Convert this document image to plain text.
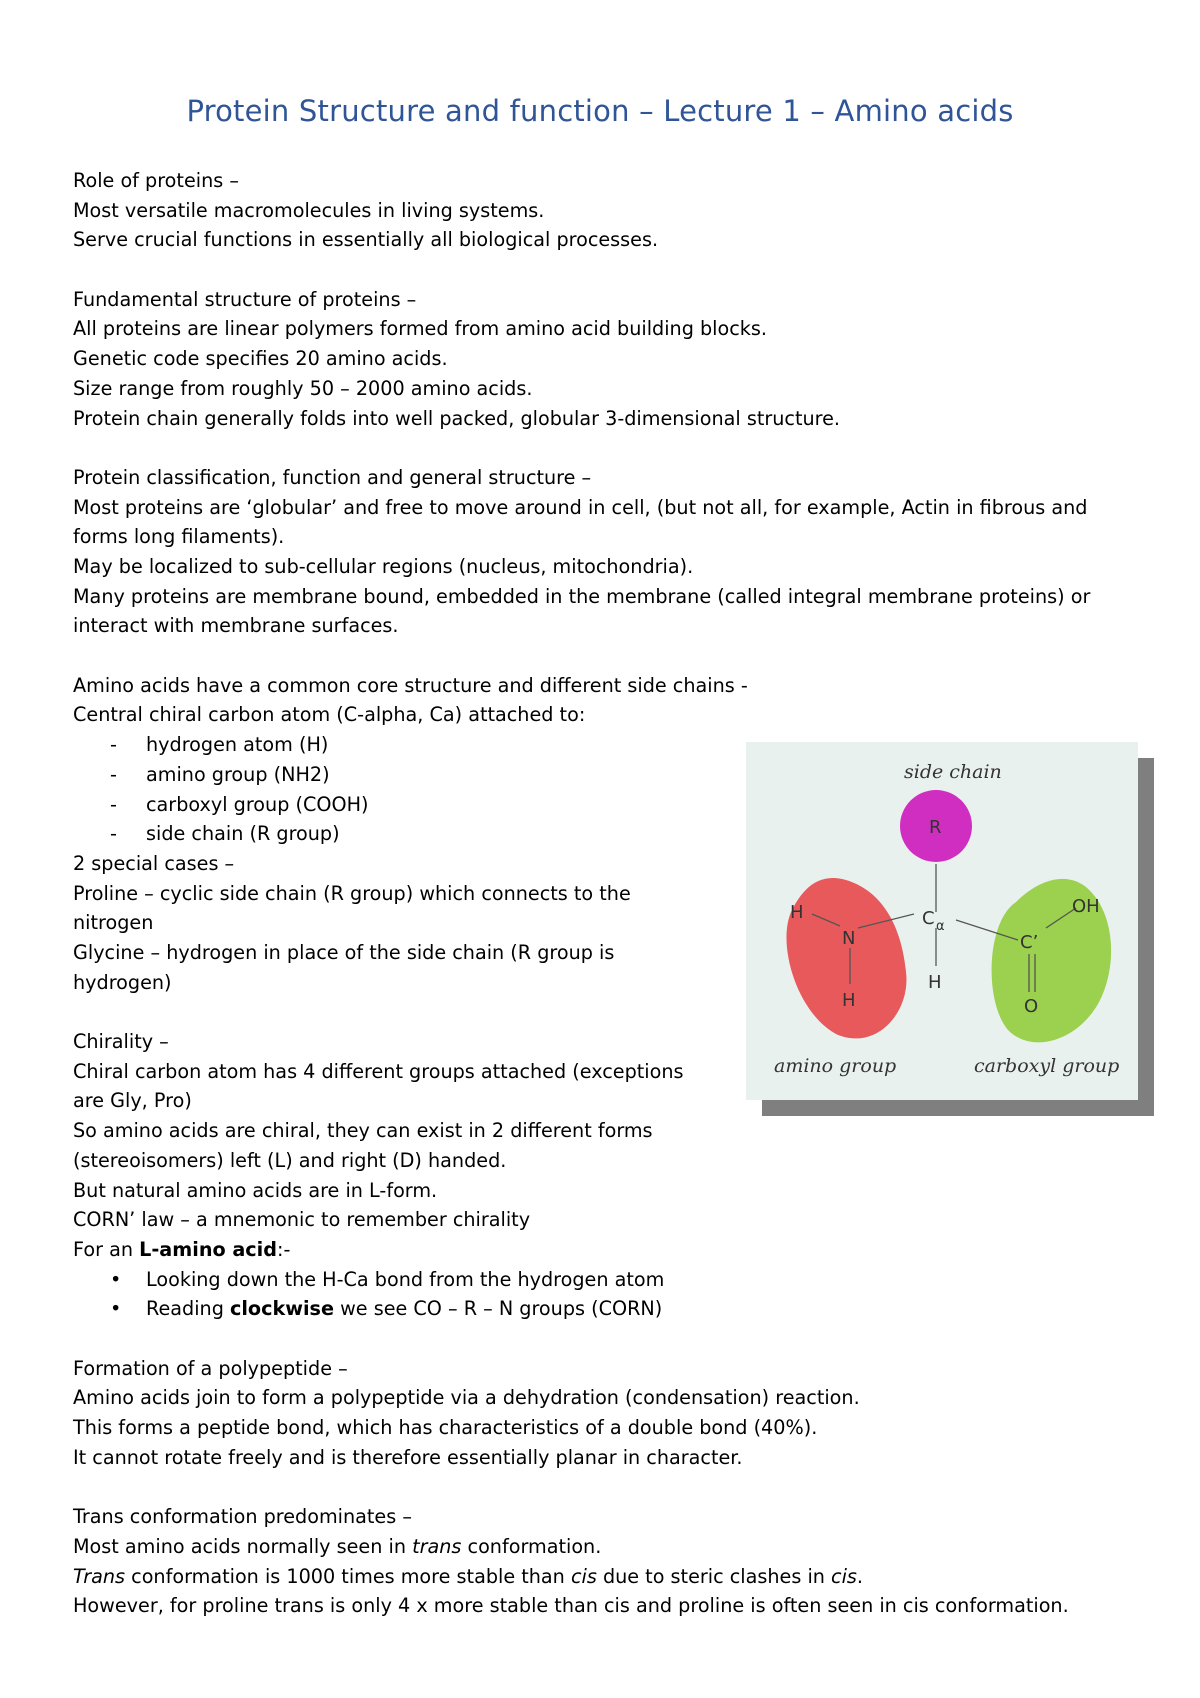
Protein Structure and function – Lecture 1 – Amino acids
Role of proteins –
Most versatile macromolecules in living systems.
Serve crucial functions in essentially all biological processes.
Fundamental structure of proteins –
All proteins are linear polymers formed from amino acid building blocks.
Genetic code specifies 20 amino acids.
Size range from roughly 50 – 2000 amino acids.
Protein chain generally folds into well packed, globular 3-dimensional structure.
Protein classification, function and general structure –
Most proteins are ‘globular’ and free to move around in cell, (but not all, for example, Actin in fibrous and forms long filaments).
May be localized to sub-cellular regions (nucleus, mitochondria).
Many proteins are membrane bound, embedded in the membrane (called integral membrane proteins) or interact with membrane surfaces.
Amino acids have a common core structure and different side chains -
Central chiral carbon atom (C-alpha, Ca) attached to:
- hydrogen atom (H)
- amino group (NH2)
- carboxyl group (COOH)
- side chain (R group)
2 special cases –
Proline – cyclic side chain (R group) which connects to the nitrogen
Glycine – hydrogen in place of the side chain (R group is hydrogen)
Chirality –
Chiral carbon atom has 4 different groups attached (exceptions are Gly, Pro)
So amino acids are chiral, they can exist in 2 different forms (stereoisomers) left (L) and right (D) handed.
But natural amino acids are in L-form.
CORN’ law – a mnemonic to remember chirality
For an L-amino acid:-
• Looking down the H-Ca bond from the hydrogen atom
• Reading clockwise we see CO – R – N groups (CORN)
Formation of a polypeptide –
Amino acids join to form a polypeptide via a dehydration (condensation) reaction.
This forms a peptide bond, which has characteristics of a double bond (40%).
It cannot rotate freely and is therefore essentially planar in character.
Trans conformation predominates –
Most amino acids normally seen in trans conformation.
Trans conformation is 1000 times more stable than cis due to steric clashes in cis.
However, for proline trans is only 4 x more stable than cis and proline is often seen in cis conformation.
side chain
R
H
N
H
C α
H
C’
OH
O
amino group	carboxyl group
